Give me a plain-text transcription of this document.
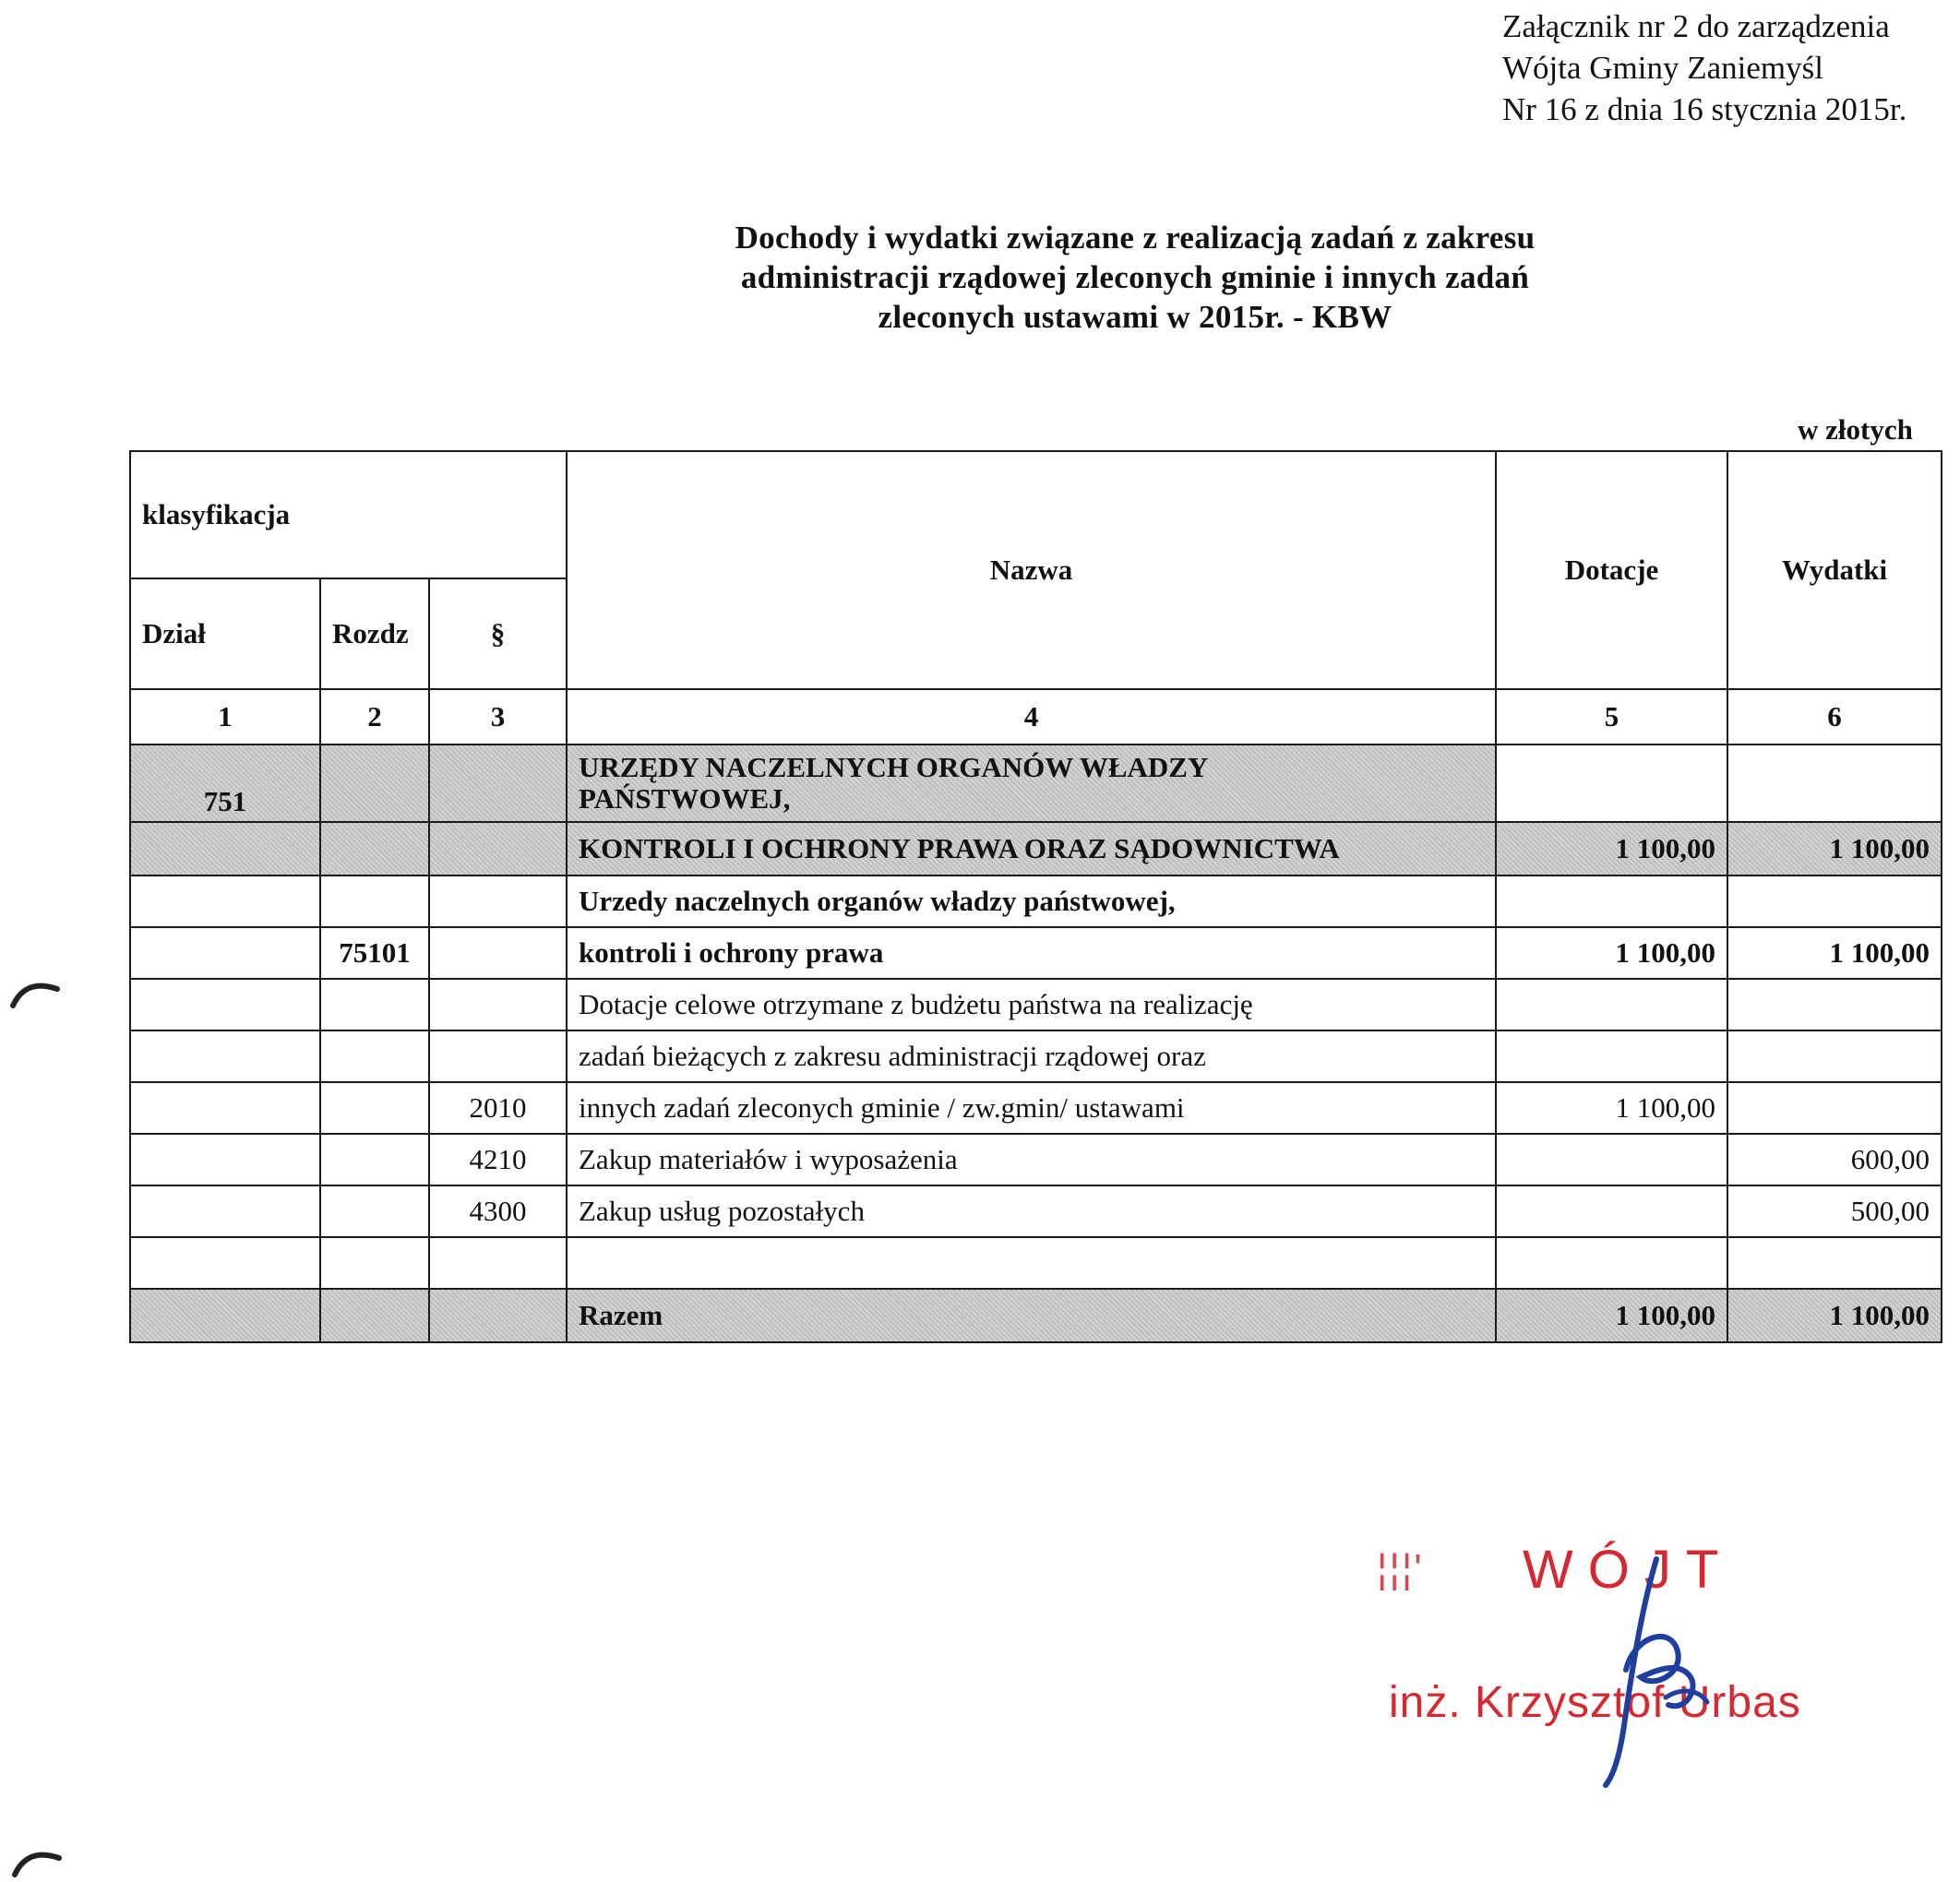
Załącznik nr 2 do zarządzenia
Wójta Gminy Zaniemyśl
Nr 16 z dnia 16 stycznia 2015r.
Dochody i wydatki związane z realizacją zadań z zakresu
administracji rządowej zleconych gminie i innych zadań
zleconych ustawami w 2015r. - KBW
w złotych
klasyfikacja			Nazwa	Dotacje	Wydatki
Dział	Rozdz	§			
1	2	3	4	5	6
751			URZĘDY NACZELNYCH ORGANÓW WŁADZY
PAŃSTWOWEJ,		

			KONTROLI I OCHRONY PRAWA ORAZ SĄDOWNICTWA	1 100,00	1 100,00
			Urzedy naczelnych organów władzy państwowej,		
	75101		kontroli i ochrony prawa	1 100,00	1 100,00
			Dotacje celowe otrzymane z budżetu państwa na realizację		
			zadań bieżących z zakresu administracji rządowej oraz		
		2010	innych zadań zleconych gminie / zw.gmin/ ustawami	1 100,00	
		4210	Zakup materiałów i wyposażenia		600,00
		4300	Zakup usług pozostałych		500,00

			Razem	1 100,00	1 100,00
¦¦¦' WÓJT
inż. Krzysztof Urbas
